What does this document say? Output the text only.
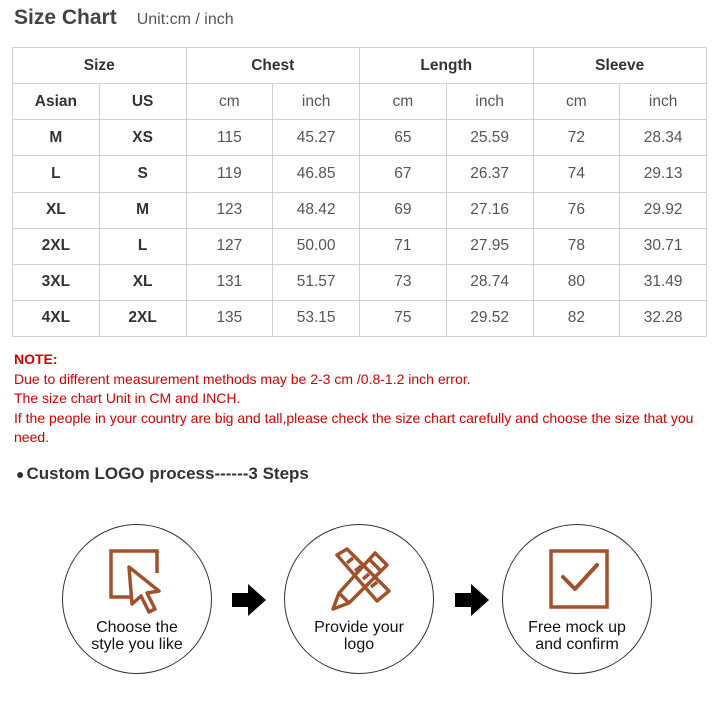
Size Chart Unit:cm / inch
Size		Chest		Length		Sleeve	
Asian	US	cm	inch	cm	inch	cm	inch
M	XS	115	45.27	65	25.59	72	28.34
L	S	119	46.85	67	26.37	74	29.13
XL	M	123	48.42	69	27.16	76	29.92
2XL	L	127	50.00	71	27.95	78	30.71
3XL	XL	131	51.57	73	28.74	80	31.49
4XL	2XL	135	53.15	75	29.52	82	32.28
NOTE:
Due to different measurement methods may be 2-3 cm /0.8-1.2 inch error.
The size chart Unit in CM and INCH.
If the people in your country are big and tall,please check the size chart carefully and choose the size that you need.
● Custom LOGO process------3 Steps
Choose the
style you like
Provide your
logo
Free mock up
and confirm
